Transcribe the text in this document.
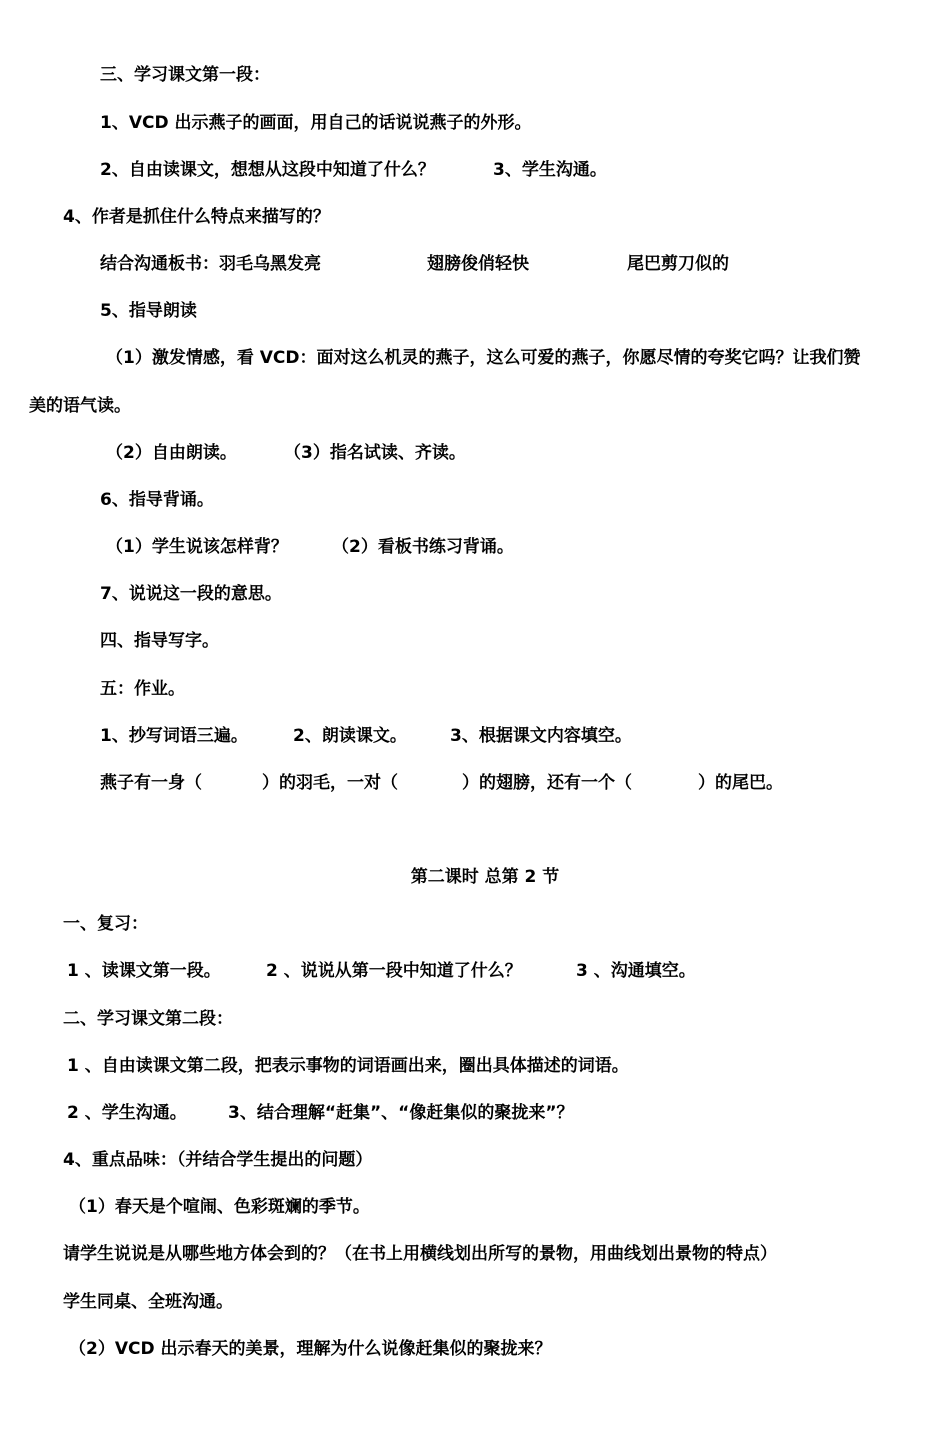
三、学习课文第一段：
1、VCD 出示燕子的画面，用自己的话说说燕子的外形。
2、自由读课文，想想从这段中知道了什么？	3、学生沟通。
4、作者是抓住什么特点来描写的？
结合沟通板书：羽毛乌黑发亮	翅膀俊俏轻快	尾巴剪刀似的
5、指导朗读
（1）激发情感，看 VCD：面对这么机灵的燕子，这么可爱的燕子，你愿尽情的夸奖它吗？让我们赞
美的语气读。
（2）自由朗读。	（3）指名试读、齐读。
6、指导背诵。
（1）学生说该怎样背？	（2）看板书练习背诵。
7、说说这一段的意思。
四、指导写字。
五：作业。
1、抄写词语三遍。	2、朗读课文。	3、根据课文内容填空。
燕子有一身（	）的羽毛，一对（	）的翅膀，还有一个（	）的尾巴。
第二课时 总第 2 节
一、复习：
1 、读课文第一段。	2 、说说从第一段中知道了什么？	3 、沟通填空。
二、学习课文第二段：
1 、自由读课文第二段，把表示事物的词语画出来，圈出具体描述的词语。
2 、学生沟通。 3、结合理解“赶集”、“像赶集似的聚拢来”？
4、重点品味：（并结合学生提出的问题）
（1）春天是个喧闹、色彩斑斓的季节。
请学生说说是从哪些地方体会到的？（在书上用横线划出所写的景物，用曲线划出景物的特点）
学生同桌、全班沟通。
（2）VCD 出示春天的美景，理解为什么说像赶集似的聚拢来？
